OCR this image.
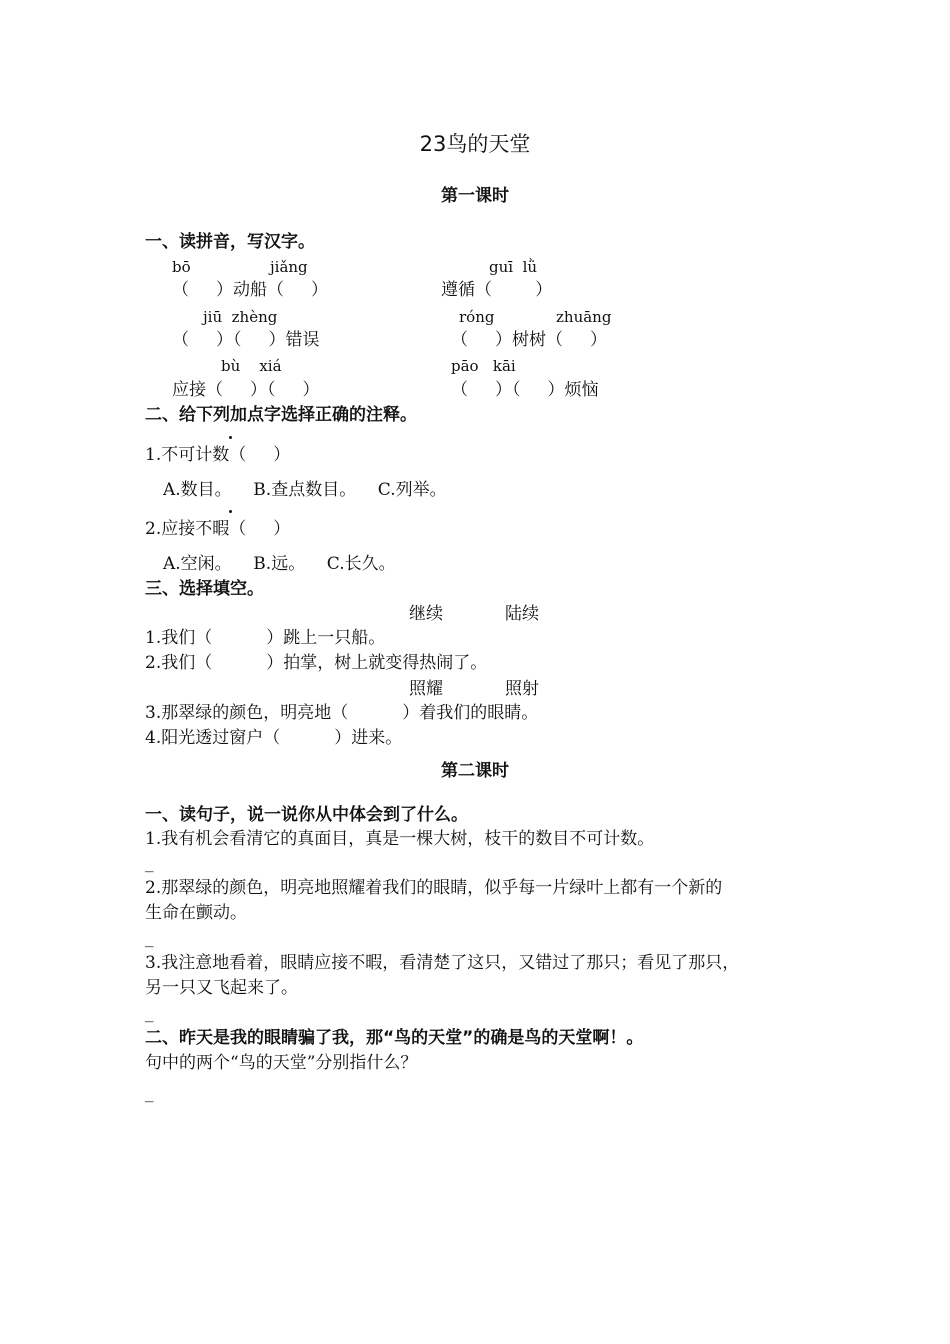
23鸟的天堂
第一课时
一、读拼音，写汉字。
bō	jiǎng	guī  lǜ
（     ）动船（     ）	遵循（        ）
jiū  zhèng	róng	zhuāng
（     ）（     ）错误	（     ）树树（     ）
bù    xiá	pāo   kāi
应接（     ）（     ）	（     ）（     ）烦恼
二、给下列加点字选择正确的注释。
1.不可计数（     ）
A.数目。    B.查点数目。    C.列举。
2.应接不暇（     ）
A.空闲。    B.远。    C.长久。
三、选择填空。
继续	陆续
1.我们（          ）跳上一只船。
2.我们（          ）拍掌，树上就变得热闹了。
照耀	照射
3.那翠绿的颜色，明亮地（          ）着我们的眼睛。
4.阳光透过窗户（          ）进来。
第二课时
一、读句子，说一说你从中体会到了什么。
1.我有机会看清它的真面目，真是一棵大树，枝干的数目不可计数。
_
2.那翠绿的颜色，明亮地照耀着我们的眼睛，似乎每一片绿叶上都有一个新的
生命在颤动。
_
3.我注意地看着，眼睛应接不暇，看清楚了这只，又错过了那只；看见了那只，
另一只又飞起来了。
_
二、昨天是我的眼睛骗了我，那“鸟的天堂”的确是鸟的天堂啊！。
句中的两个“鸟的天堂”分别指什么？
_
